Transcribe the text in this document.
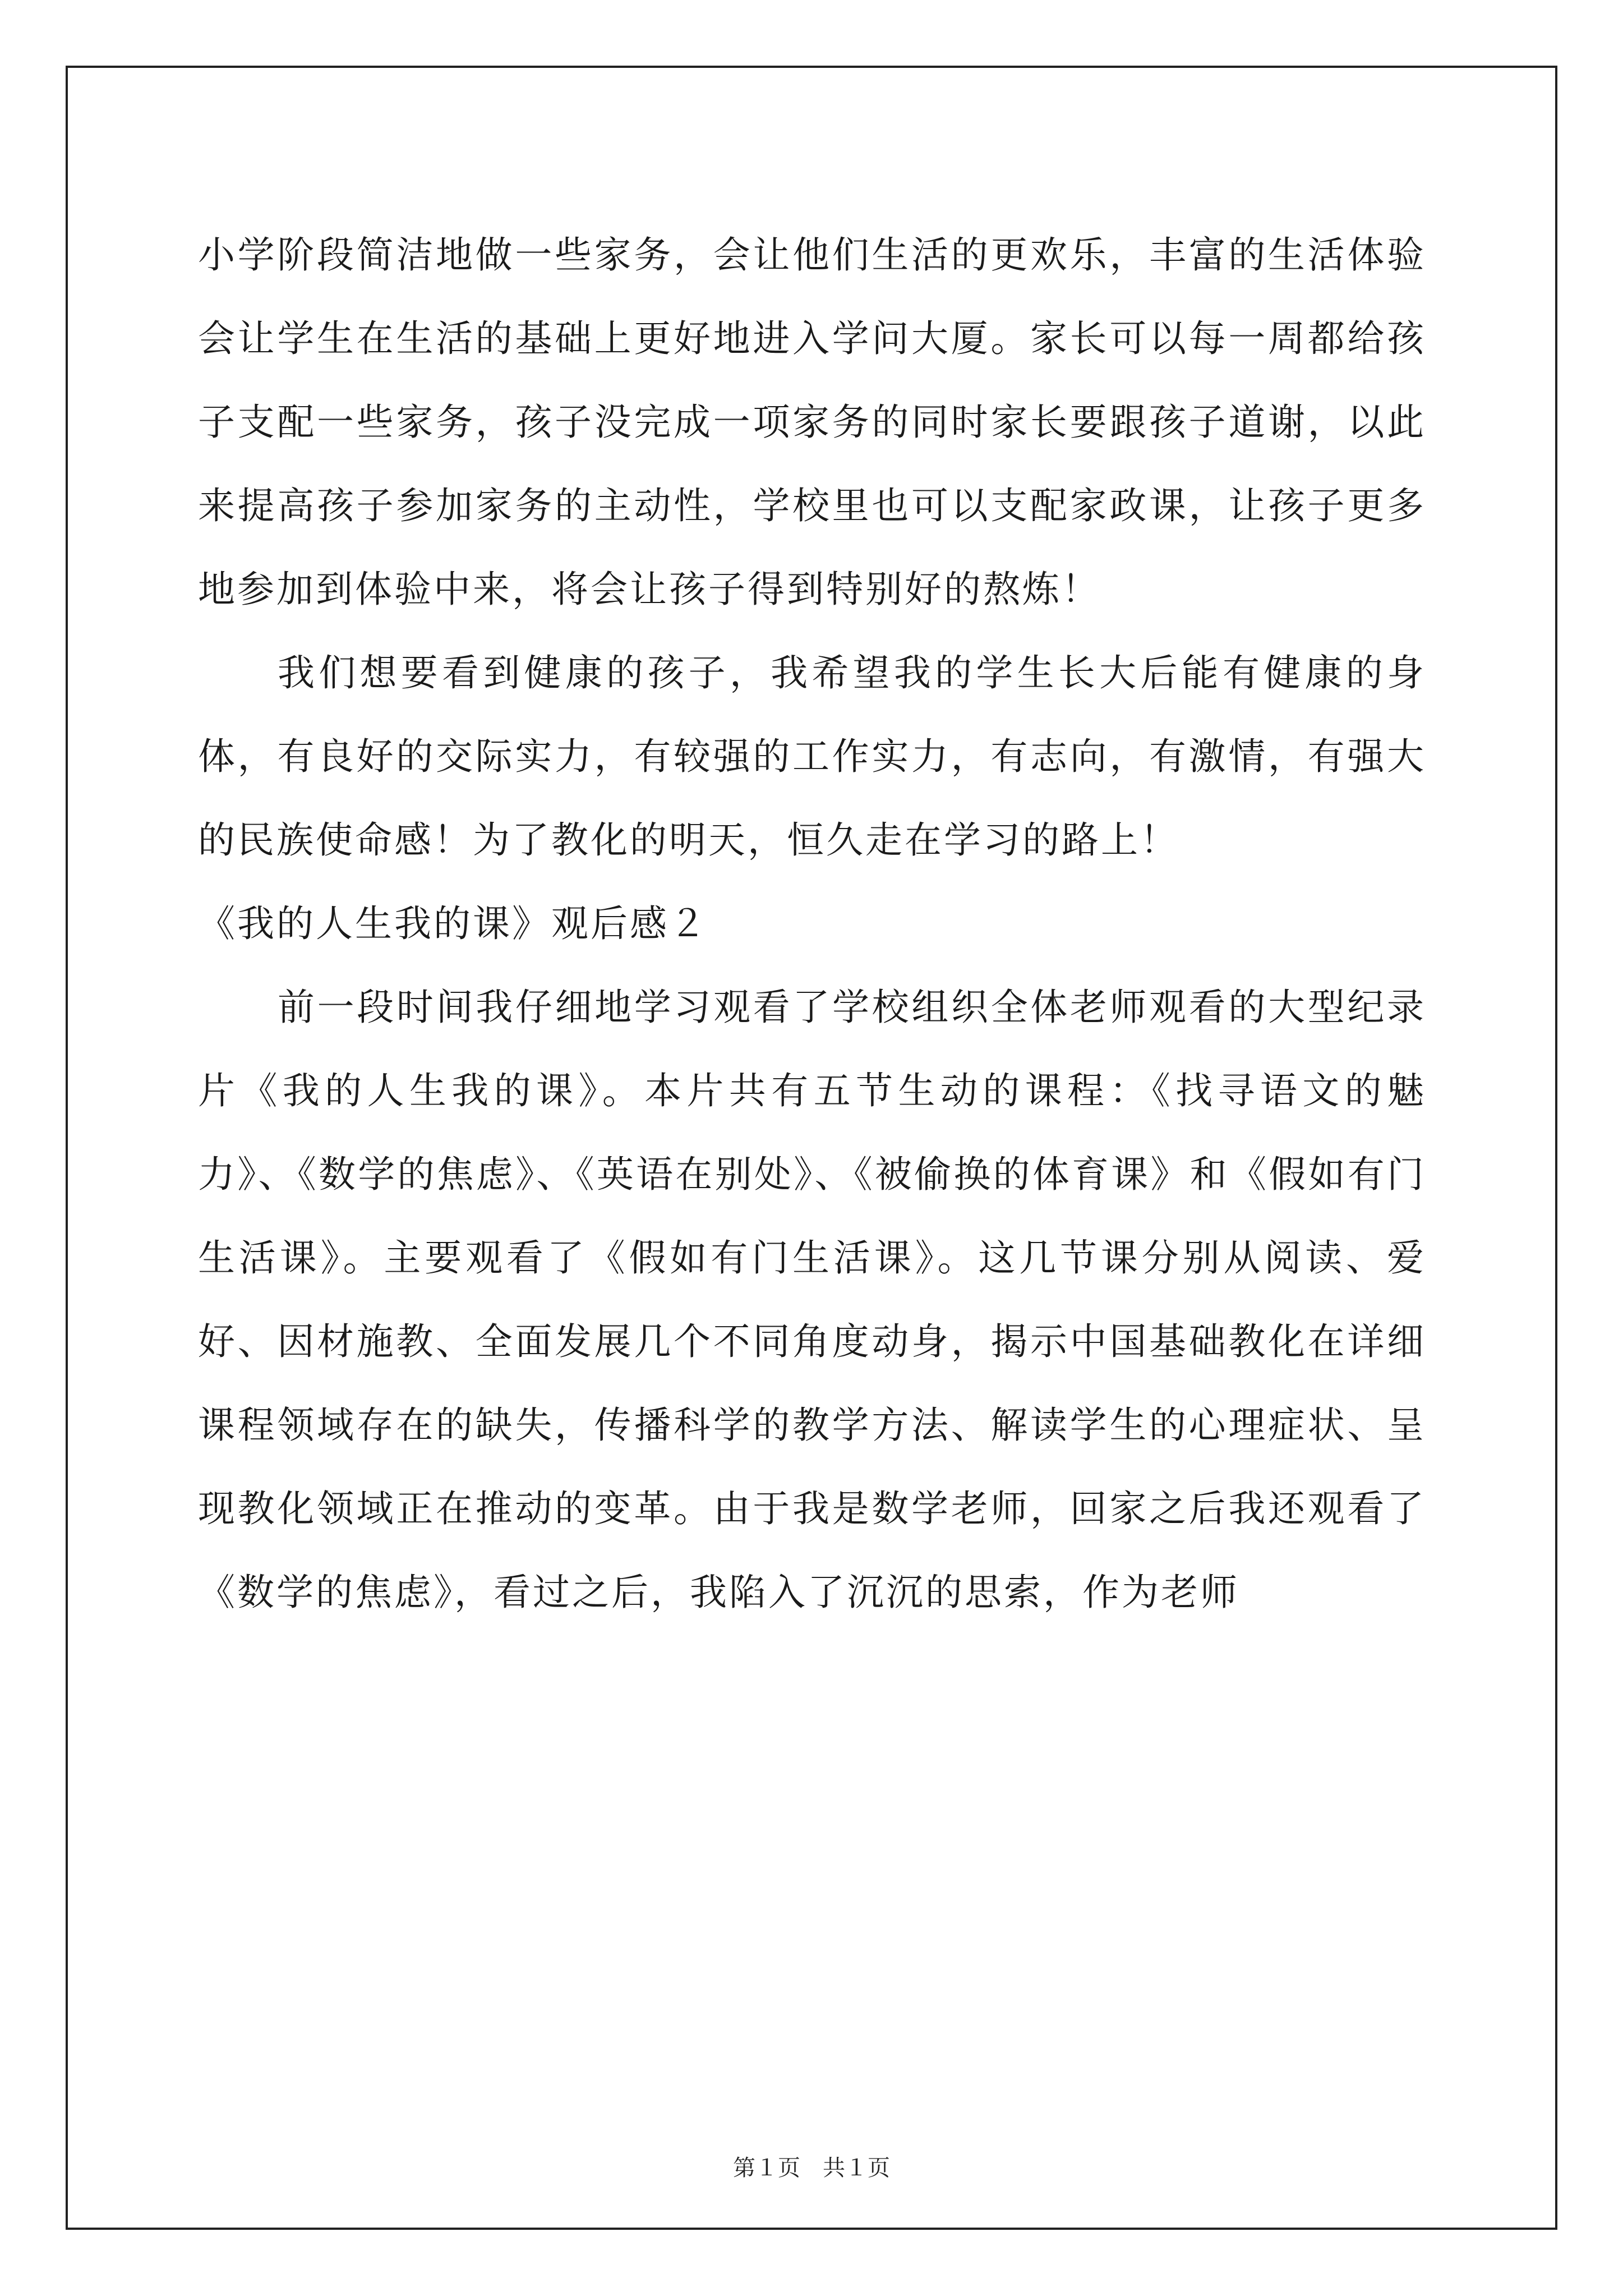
小学阶段简洁地做一些家务，会让他们生活的更欢乐，丰富的生活体验会让学生在生活的基础上更好地进入学问大厦。家长可以每一周都给孩子支配一些家务，孩子没完成一项家务的同时家长要跟孩子道谢，以此来提高孩子参加家务的主动性，学校里也可以支配家政课，让孩子更多地参加到体验中来，将会让孩子得到特别好的熬炼！

我们想要看到健康的孩子，我希望我的学生长大后能有健康的身体，有良好的交际实力，有较强的工作实力，有志向，有激情，有强大的民族使命感！为了教化的明天，恒久走在学习的路上！

《我的人生我的课》观后感２

前一段时间我仔细地学习观看了学校组织全体老师观看的大型纪录片《我的人生我的课》。本片共有五节生动的课程：《找寻语文的魅力》、《数学的焦虑》、《英语在别处》、《被偷换的体育课》和《假如有门生活课》。主要观看了《假如有门生活课》。这几节课分别从阅读、爱好、因材施教、全面发展几个不同角度动身，揭示中国基础教化在详细课程领域存在的缺失，传播科学的教学方法、解读学生的心理症状、呈现教化领域正在推动的变革。由于我是数学老师，回家之后我还观看了《数学的焦虑》，看过之后，我陷入了沉沉的思索，作为老师

第１页　共１页
